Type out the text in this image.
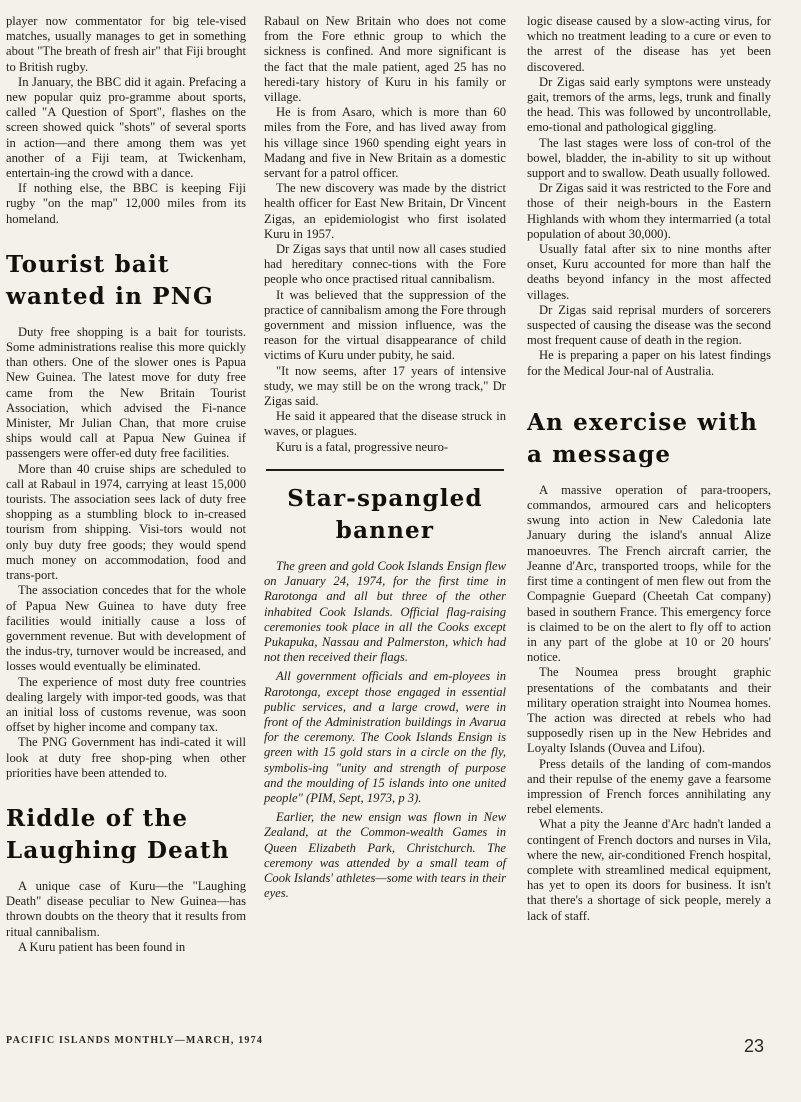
player now commentator for big tele-vised matches, usually manages to get in something about "The breath of fresh air" that Fiji brought to British rugby.

In January, the BBC did it again. Prefacing a new popular quiz pro-gramme about sports, called "A Question of Sport", flashes on the screen showed quick "shots" of several sports in action—and there among them was yet another of a Fiji team, at Twickenham, entertain-ing the crowd with a dance.

If nothing else, the BBC is keeping Fiji rugby "on the map" 12,000 miles from its homeland.

Tourist bait wanted in PNG

Duty free shopping is a bait for tourists. Some administrations realise this more quickly than others. One of the slower ones is Papua New Guinea. The latest move for duty free came from the New Britain Tourist Association, which advised the Fi-nance Minister, Mr Julian Chan, that more cruise ships would call at Papua New Guinea if passengers were offer-ed duty free facilities.

More than 40 cruise ships are scheduled to call at Rabaul in 1974, carrying at least 15,000 tourists. The association sees lack of duty free shopping as a stumbling block to in-creased tourism from shipping. Visi-tors would not only buy duty free goods; they would spend much money on accommodation, food and trans-port.

The association concedes that for the whole of Papua New Guinea to have duty free facilities would initially cause a loss of government revenue. But with development of the indus-try, turnover would be increased, and losses would eventually be eliminated.

The experience of most duty free countries dealing largely with impor-ted goods, was that an initial loss of customs revenue, was soon offset by higher income and company tax.

The PNG Government has indi-cated it will look at duty free shop-ping when other priorities have been attended to.

Riddle of the Laughing Death

A unique case of Kuru—the "Laughing Death" disease peculiar to New Guinea—has thrown doubts on the theory that it results from ritual cannibalism.

A Kuru patient has been found in

Rabaul on New Britain who does not come from the Fore ethnic group to which the sickness is confined. And more significant is the fact that the male patient, aged 25 has no heredi-tary history of Kuru in his family or village.

He is from Asaro, which is more than 60 miles from the Fore, and has lived away from his village since 1960 spending eight years in Madang and five in New Britain as a domestic servant for a patrol officer.

The new discovery was made by the district health officer for East New Britain, Dr Vincent Zigas, an epidemiologist who first isolated Kuru in 1957.

Dr Zigas says that until now all cases studied had hereditary connec-tions with the Fore people who once practised ritual cannibalism.

It was believed that the suppression of the practice of cannibalism among the Fore through government and mission influence, was the reason for the virtual disappearance of child victims of Kuru under pubity, he said.

"It now seems, after 17 years of intensive study, we may still be on the wrong track," Dr Zigas said.

He said it appeared that the disease struck in waves, or plagues.

Kuru is a fatal, progressive neuro-

Star-spangled banner

The green and gold Cook Islands Ensign flew on January 24, 1974, for the first time in Rarotonga and all but three of the other inhabited Cook Islands. Official flag-raising ceremonies took place in all the Cooks except Pukapuka, Nassau and Palmerston, which had not then received their flags.

All government officials and em-ployees in Rarotonga, except those engaged in essential public services, and a large crowd, were in front of the Administration buildings in Avarua for the ceremony. The Cook Islands Ensign is green with 15 gold stars in a circle on the fly, symbolis-ing "unity and strength of purpose and the moulding of 15 islands into one united people" (PIM, Sept, 1973, p 3).

Earlier, the new ensign was flown in New Zealand, at the Common-wealth Games in Queen Elizabeth Park, Christchurch. The ceremony was attended by a small team of Cook Islands' athletes—some with tears in their eyes.

logic disease caused by a slow-acting virus, for which no treatment leading to a cure or even to the arrest of the disease has yet been discovered.

Dr Zigas said early symptons were unsteady gait, tremors of the arms, legs, trunk and finally the head. This was followed by uncontrollable, emo-tional and pathological giggling.

The last stages were loss of con-trol of the bowel, bladder, the in-ability to sit up without support and to swallow. Death usually followed.

Dr Zigas said it was restricted to the Fore and those of their neigh-bours in the Eastern Highlands with whom they intermarried (a total population of about 30,000).

Usually fatal after six to nine months after onset, Kuru accounted for more than half the deaths beyond infancy in the most affected villages.

Dr Zigas said reprisal murders of sorcerers suspected of causing the disease was the second most frequent cause of death in the region.

He is preparing a paper on his latest findings for the Medical Jour-nal of Australia.

An exercise with a message

A massive operation of para-troopers, commandos, armoured cars and helicopters swung into action in New Caledonia late January during the island's annual Alize manoeuvres. The French aircraft carrier, the Jeanne d'Arc, transported troops, while for the first time a contingent of men flew out from the Compagnie Guepard (Cheetah Cat company) based in southern France. This emergency force is claimed to be on the alert to fly off to action in any part of the globe at 10 or 20 hours' notice.

The Noumea press brought graphic presentations of the combatants and their military operation straight into Noumea homes. The action was directed at rebels who had supposedly risen up in the New Hebrides and Loyalty Islands (Ouvea and Lifou).

Press details of the landing of com-mandos and their repulse of the enemy gave a fearsome impression of French forces annihilating any rebel elements.

What a pity the Jeanne d'Arc hadn't landed a contingent of French doctors and nurses in Vila, where the new, air-conditioned French hospital, complete with streamlined medical equipment, has yet to open its doors for business. It isn't that there's a shortage of sick people, merely a lack of staff.

PACIFIC ISLANDS MONTHLY—MARCH, 1974	23
